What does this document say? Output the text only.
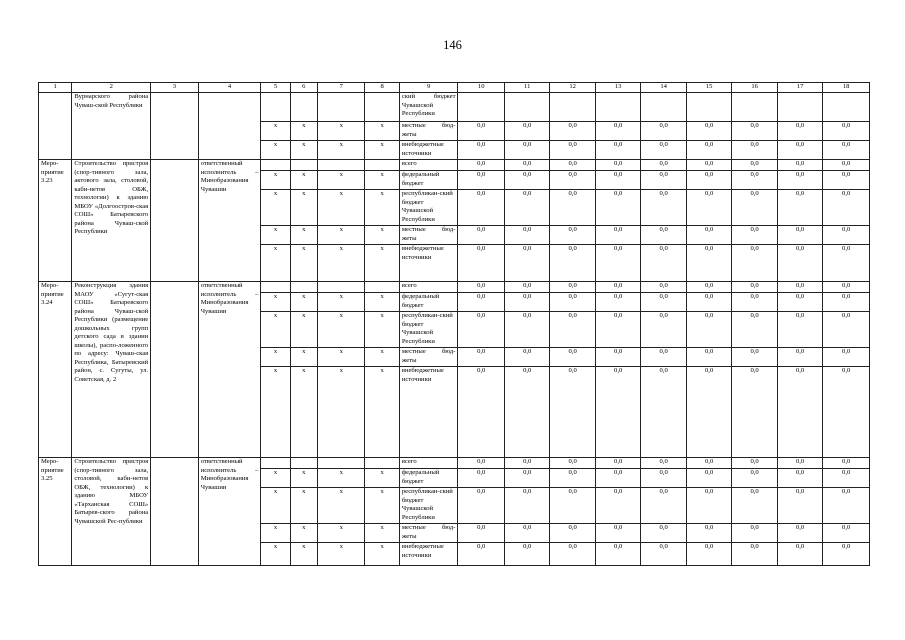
146
1	2	3	4	5	6	7	8	9	10	11	12	13	14	15	16	17	18
	Вурнарского района Чуваш-ской Республики							ский бюджет Чувашской Республики									
				x	x	x	x	местные бюд-жеты	0,0	0,0	0,0	0,0	0,0	0,0	0,0	0,0	0,0
				x	x	x	x	внебюджетные источники	0,0	0,0	0,0	0,0	0,0	0,0	0,0	0,0	0,0
Меро-приятие 3.23	Строительство пристроя (спор-тивного зала, актового зала, столовой, каби-нетов ОБЖ, технологии) к зданию МБОУ «Долгоостров-ская СОШ» Батыревского района Чуваш-ской Республики		ответственный исполнитель – Минобразования Чувашии					всего	0,0	0,0	0,0	0,0	0,0	0,0	0,0	0,0	0,0
				x	x	x	x	федеральный бюджет	0,0	0,0	0,0	0,0	0,0	0,0	0,0	0,0	0,0
				x	x	x	x	республикан-ский бюджет Чувашской Республики	0,0	0,0	0,0	0,0	0,0	0,0	0,0	0,0	0,0
				x	x	x	x	местные бюд-жеты	0,0	0,0	0,0	0,0	0,0	0,0	0,0	0,0	0,0
				x	x	x	x	внебюджетные источники	0,0	0,0	0,0	0,0	0,0	0,0	0,0	0,0	0,0
Меро-приятие 3.24	Реконструкция здания МАОУ «Сугут-ская СОШ» Батыревского района Чуваш-ской Республики (размещение дошкольных групп детского сада в здании школы), распо-ложенного по адресу: Чуваш-ская Республика, Батыревский район, с. Сугуты, ул. Советская, д. 2		ответственный исполнитель – Минобразования Чувашии					всего	0,0	0,0	0,0	0,0	0,0	0,0	0,0	0,0	0,0
				x	x	x	x	федеральный бюджет	0,0	0,0	0,0	0,0	0,0	0,0	0,0	0,0	0,0
				x	x	x	x	республикан-ский бюджет Чувашской Республики	0,0	0,0	0,0	0,0	0,0	0,0	0,0	0,0	0,0
				x	x	x	x	местные бюд-жеты	0,0	0,0	0,0	0,0	0,0	0,0	0,0	0,0	0,0
				x	x	x	x	внебюджетные источники	0,0	0,0	0,0	0,0	0,0	0,0	0,0	0,0	0,0
Меро-приятие 3.25	Строительство пристроя (спор-тивного зала, столовой, каби-нетов ОБЖ, технологии) к зданию МБОУ «Тарханская СОШ» Батырев-ского района Чувашской Рес-публики		ответственный исполнитель – Минобразования Чувашии					всего	0,0	0,0	0,0	0,0	0,0	0,0	0,0	0,0	0,0
				x	x	x	x	федеральный бюджет	0,0	0,0	0,0	0,0	0,0	0,0	0,0	0,0	0,0
				x	x	x	x	республикан-ский бюджет Чувашской Республики	0,0	0,0	0,0	0,0	0,0	0,0	0,0	0,0	0,0
				x	x	x	x	местные бюд-жеты	0,0	0,0	0,0	0,0	0,0	0,0	0,0	0,0	0,0
				x	x	x	x	внебюджетные источники	0,0	0,0	0,0	0,0	0,0	0,0	0,0	0,0	0,0
